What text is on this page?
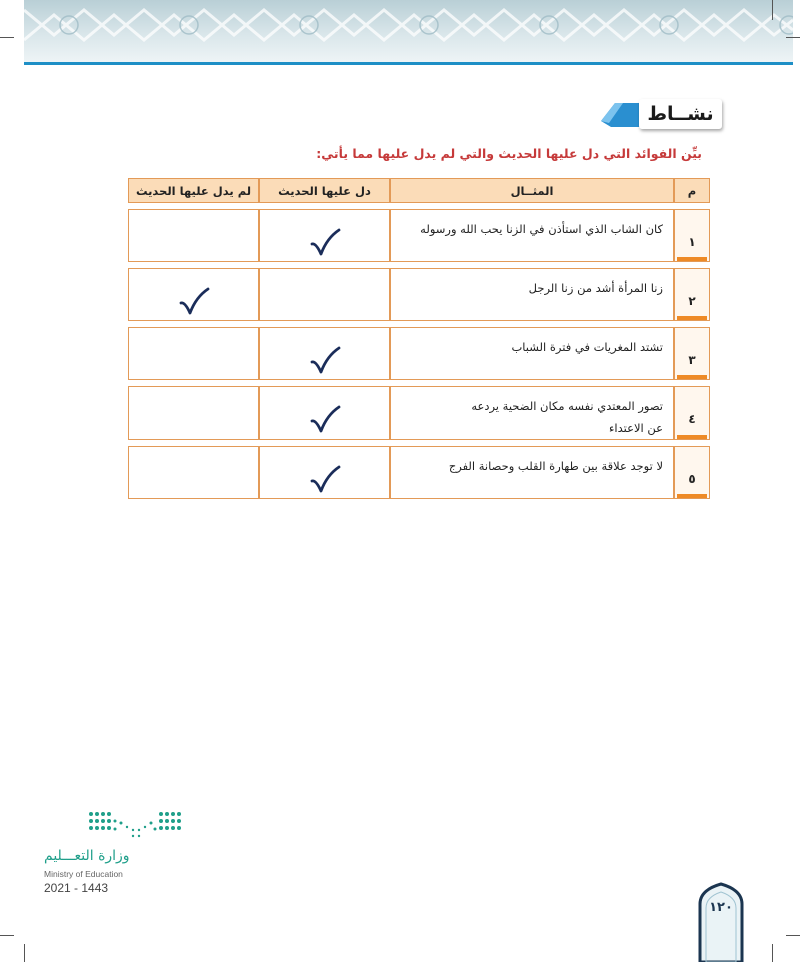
نشــاط
بيِّن الفوائد التي دل عليها الحديث والتي لم يدل عليها مما يأتي:
م	المثــال	دل عليها الحديث	لم يدل عليها الحديث

١	كان الشاب الذي استأذن في الزنا يحب الله ورسوله

٢	زنا المرأة أشد من زنا الرجل

٣	تشتد المغريات في فترة الشباب

٤	تصور المعتدي نفسه مكان الضحية يردعه
عن الاعتداء

٥	لا توجد علاقة بين طهارة القلب وحصانة الفرج

وزارة التعـــليم
Ministry of Education
2021 - 1443
١٢٠
